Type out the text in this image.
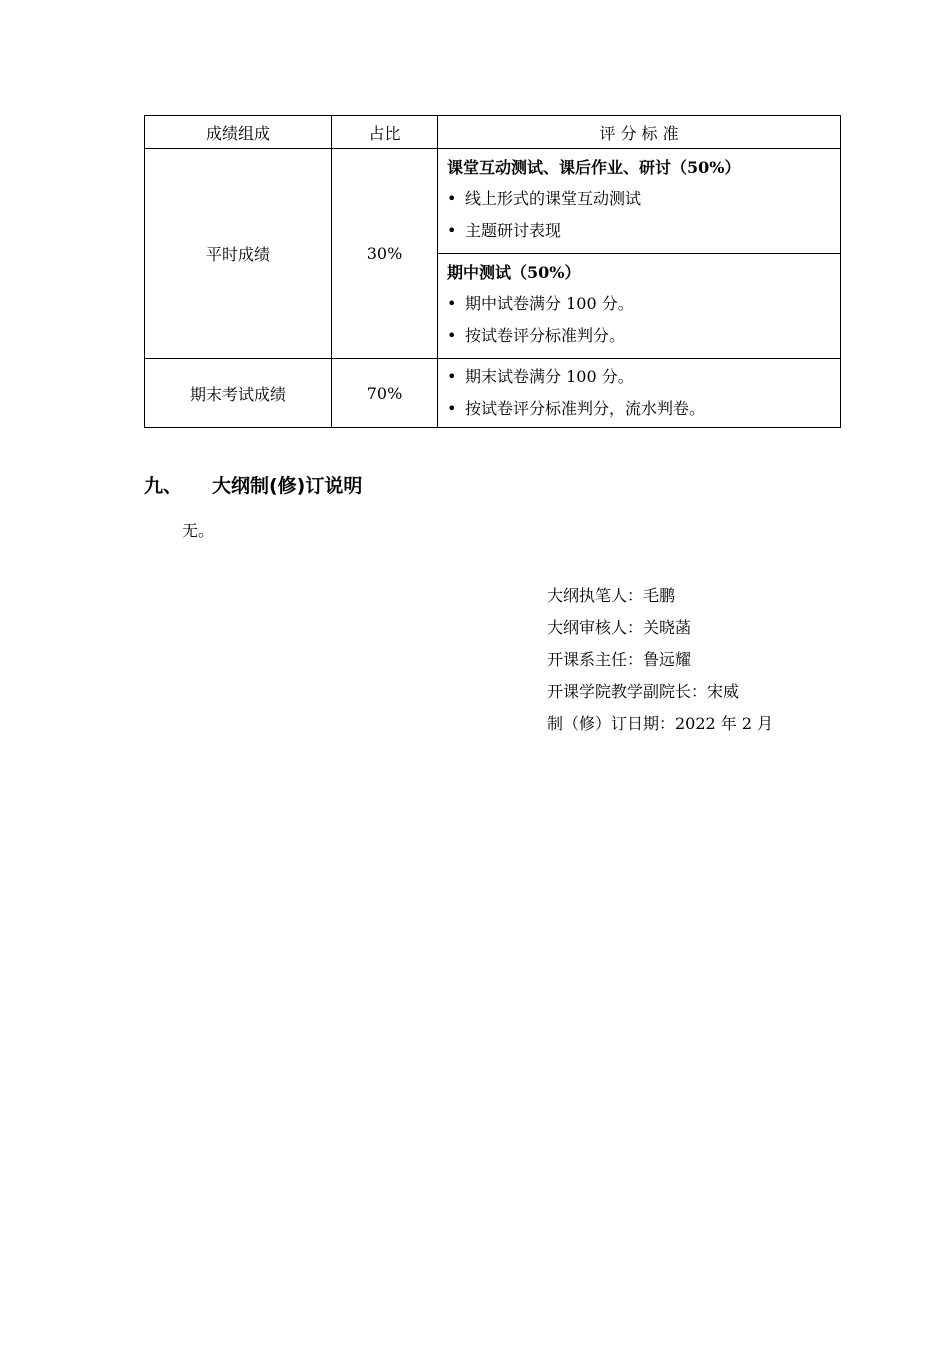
成绩组成	占比	评 分 标 准
平时成绩	30%	课堂互动测试、课后作业、研讨（50%）
• 线上形式的课堂互动测试
• 主题研讨表现

		期中测试（50%）
• 期中试卷满分 100 分。
• 按试卷评分标准判分。

期末考试成绩	70%	• 期末试卷满分 100 分。
• 按试卷评分标准判分，流水判卷。
九、 大纲制(修)订说明
无。
大纲执笔人：毛鹏
大纲审核人：关晓菡
开课系主任：鲁远耀
开课学院教学副院长：宋威
制（修）订日期：2022 年 2 月
